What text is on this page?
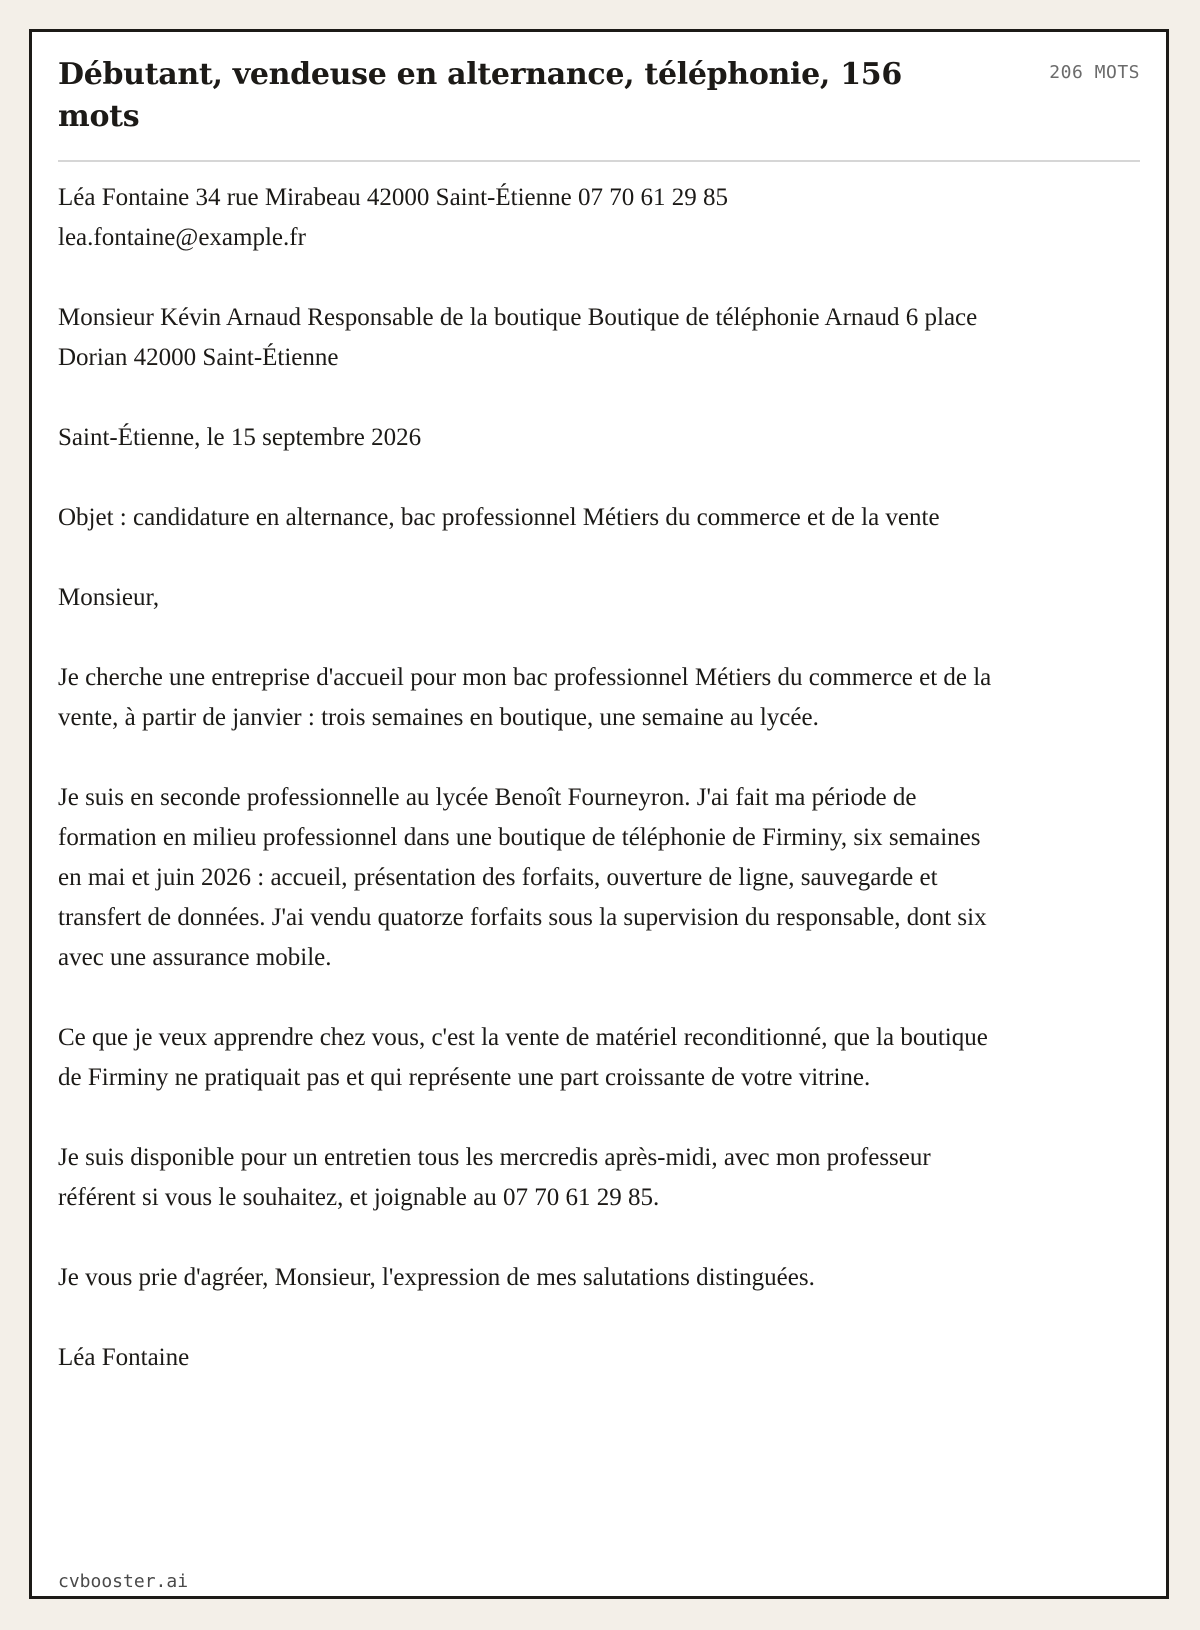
Débutant, vendeuse en alternance, téléphonie, 156 mots
206 MOTS

Léa Fontaine 34 rue Mirabeau 42000 Saint-Étienne 07 70 61 29 85 lea.fontaine@example.fr

Monsieur Kévin Arnaud Responsable de la boutique Boutique de téléphonie Arnaud 6 place Dorian 42000 Saint-Étienne

Saint-Étienne, le 15 septembre 2026

Objet : candidature en alternance, bac professionnel Métiers du commerce et de la vente

Monsieur,

Je cherche une entreprise d'accueil pour mon bac professionnel Métiers du commerce et de la vente, à partir de janvier : trois semaines en boutique, une semaine au lycée.

Je suis en seconde professionnelle au lycée Benoît Fourneyron. J'ai fait ma période de formation en milieu professionnel dans une boutique de téléphonie de Firminy, six semaines en mai et juin 2026 : accueil, présentation des forfaits, ouverture de ligne, sauvegarde et transfert de données. J'ai vendu quatorze forfaits sous la supervision du responsable, dont six avec une assurance mobile.

Ce que je veux apprendre chez vous, c'est la vente de matériel reconditionné, que la boutique de Firminy ne pratiquait pas et qui représente une part croissante de votre vitrine.

Je suis disponible pour un entretien tous les mercredis après-midi, avec mon professeur référent si vous le souhaitez, et joignable au 07 70 61 29 85.

Je vous prie d'agréer, Monsieur, l'expression de mes salutations distinguées.

Léa Fontaine

cvbooster.ai
